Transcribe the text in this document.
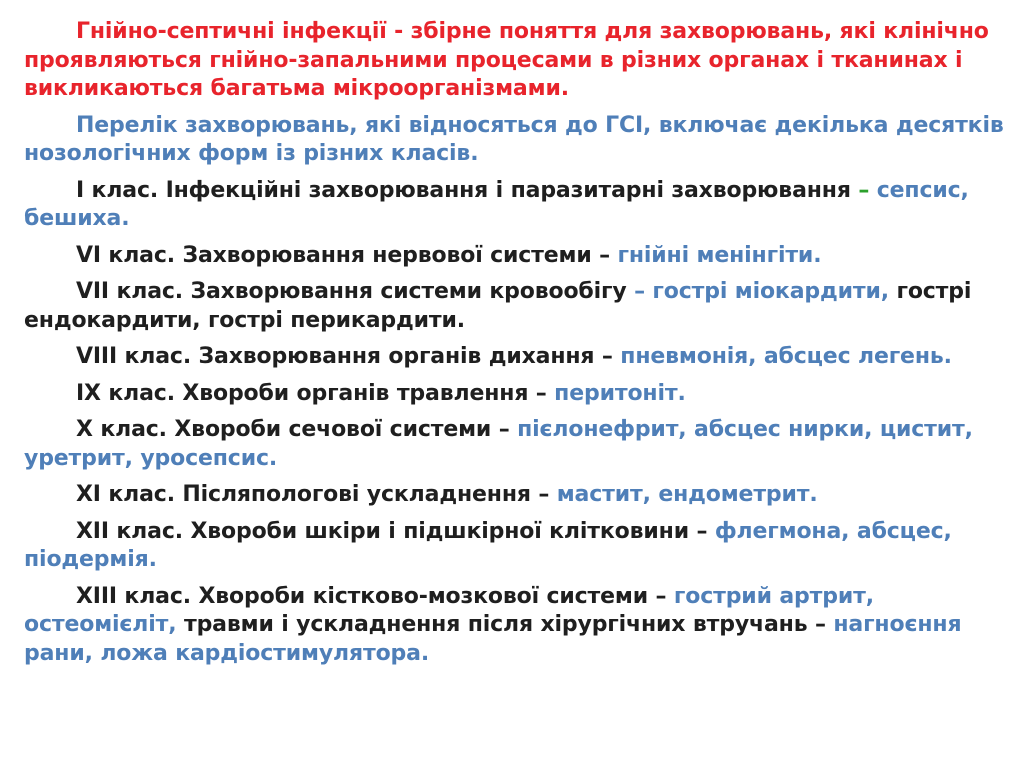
Гнійно-септичні інфекції - збірне поняття для захворювань, які клінічно проявляються гнійно-запальними процесами в різних органах і тканинах і викликаються багатьма мікроорганізмами.

Перелік захворювань, які відносяться до ГСІ, включає декілька десятків нозологічних форм із різних класів.

І клас. Інфекційні захворювання і паразитарні захворювання – сепсис, бешиха.

VI клас. Захворювання нервової системи – гнійні менінгіти.

VII клас. Захворювання системи кровообігу – гострі міокардити, гострі ендокардити, гострі перикардити.

VIII клас. Захворювання органів дихання – пневмонія, абсцес легень.

IX клас. Хвороби органів травлення – перитоніт.

X клас. Хвороби сечової системи – пієлонефрит, абсцес нирки, цистит, уретрит, уросепсис.

XI клас. Післяпологові ускладнення – мастит, ендометрит.

XII клас. Хвороби шкіри і підшкірної клітковини – флегмона, абсцес, піодермія.

XIII клас. Хвороби кістково-мозкової системи – гострий артрит, остеомієліт, травми і ускладнення після хірургічних втручань – нагноєння рани, ложа кардіостимулятора.
